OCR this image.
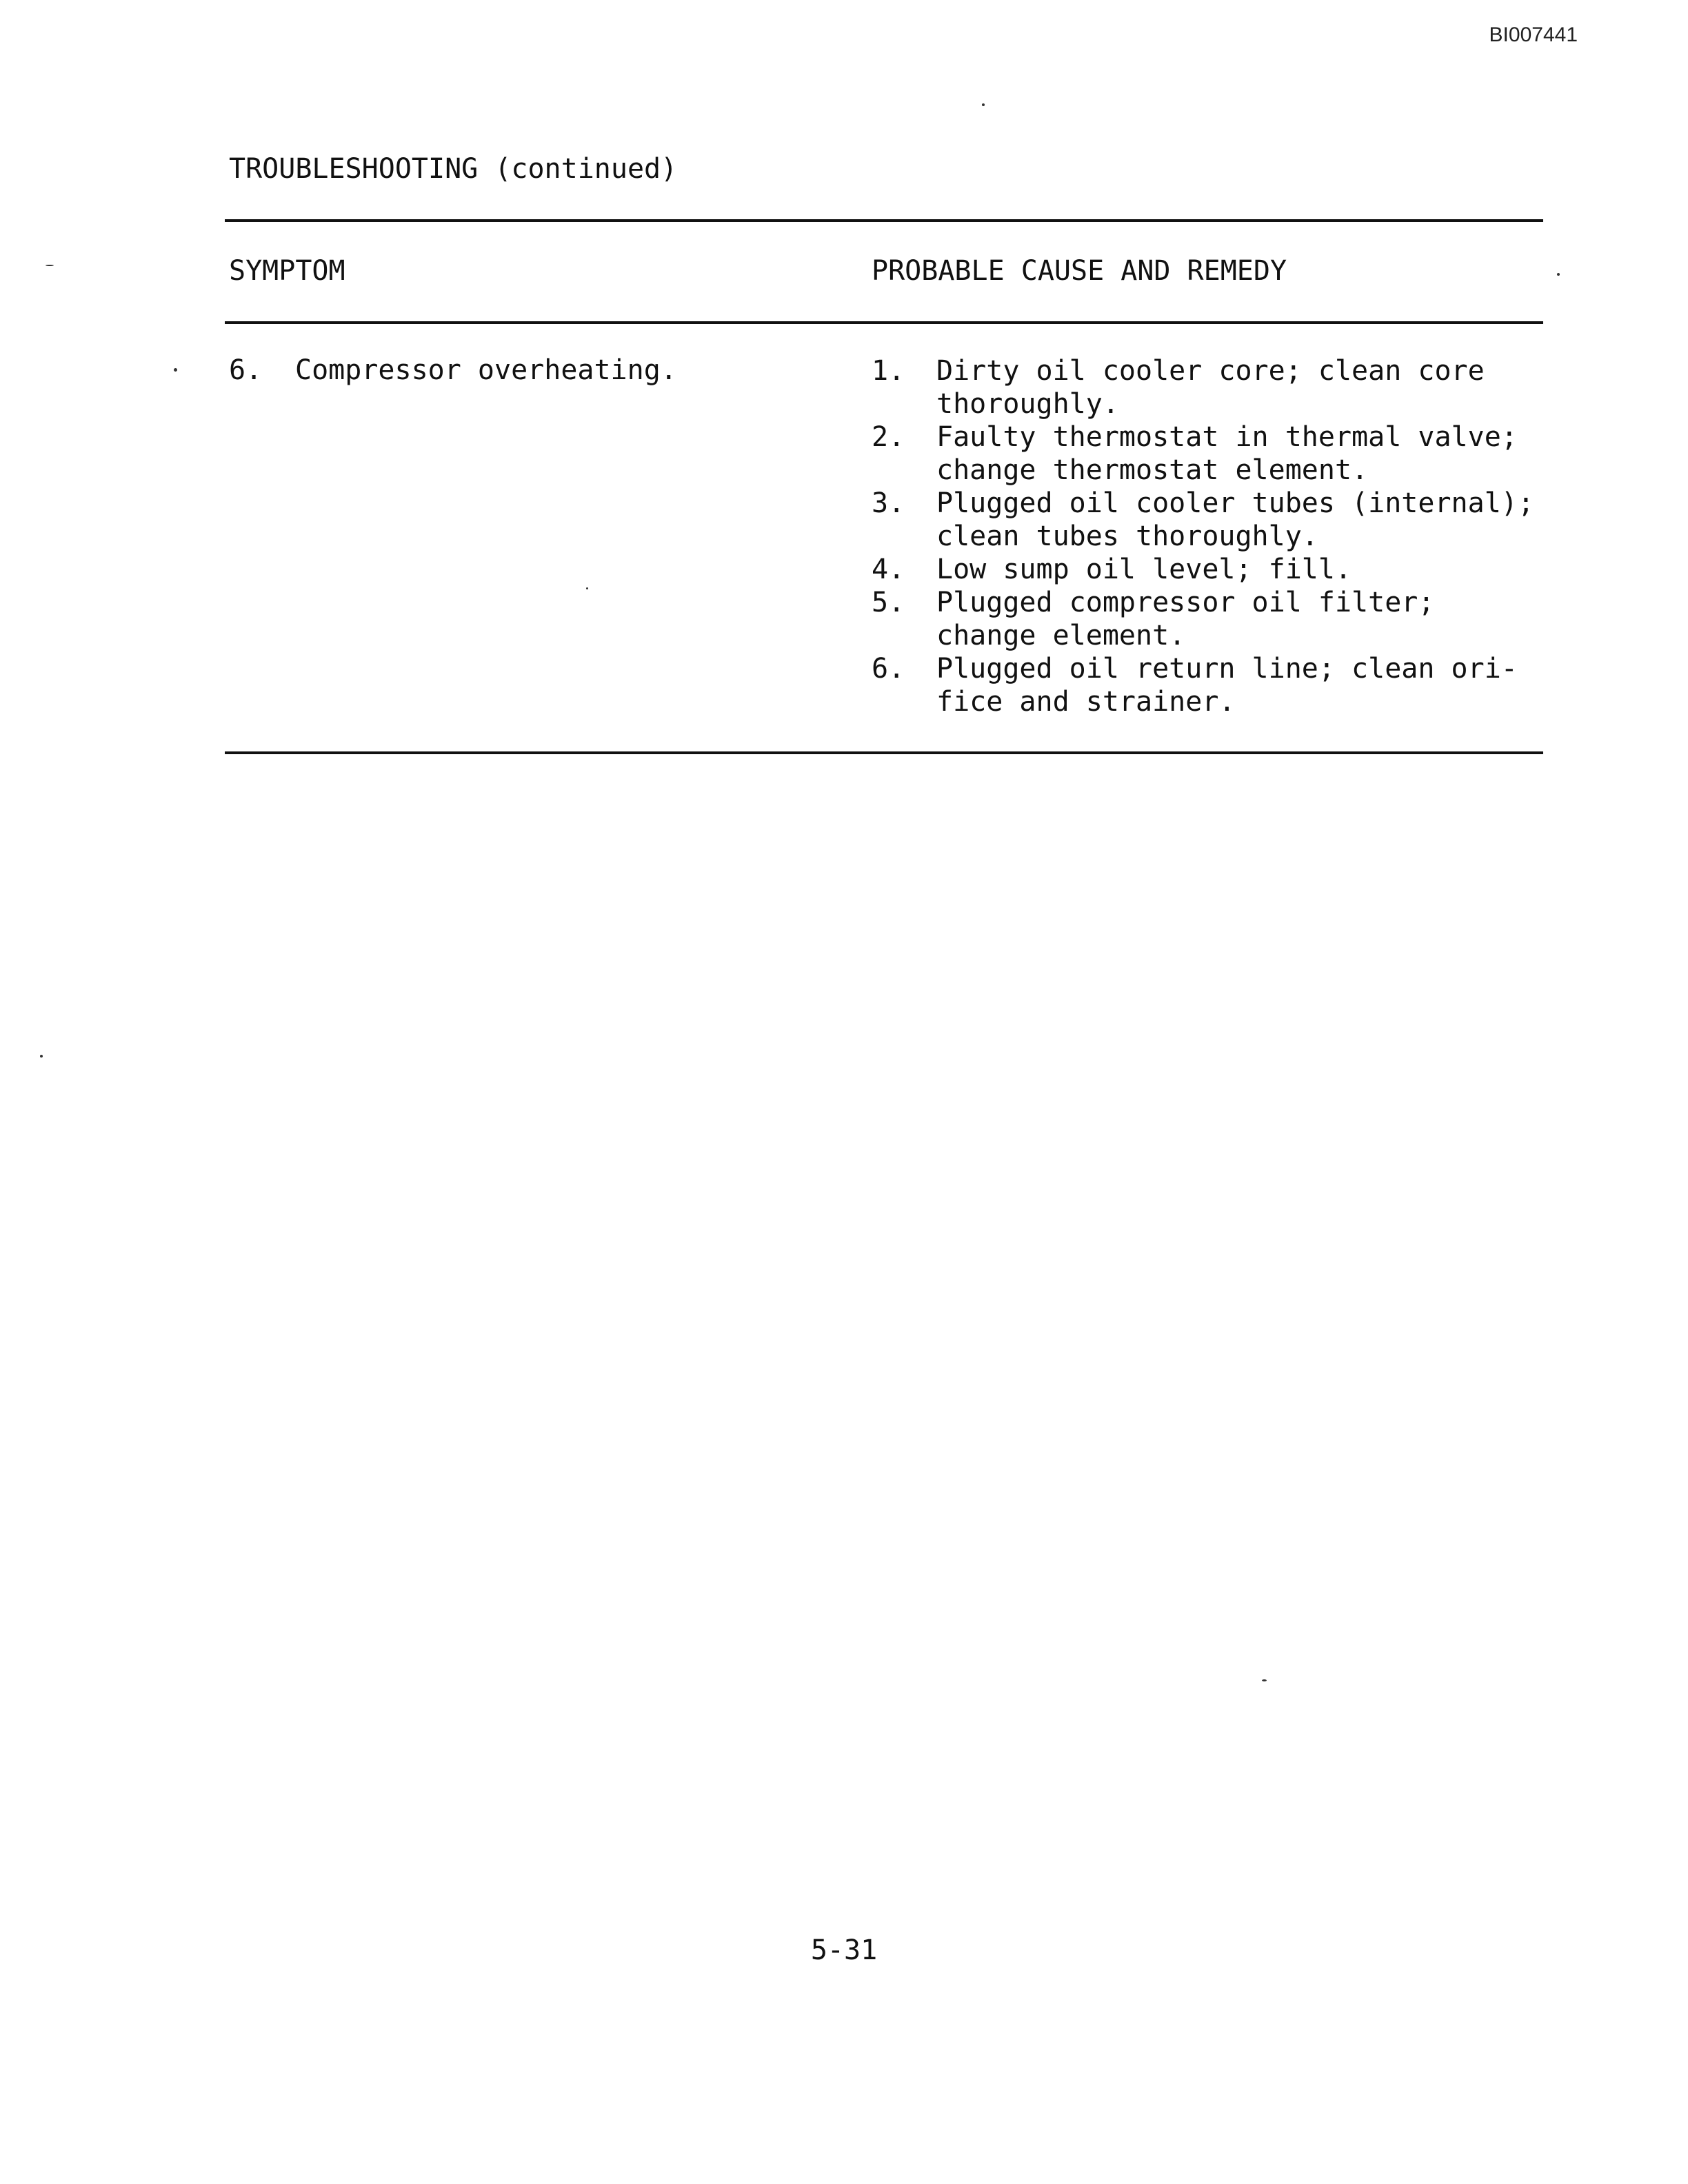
BI007441
TROUBLESHOOTING (continued)
SYMPTOM	PROBABLE CAUSE AND REMEDY
6.	Compressor overheating.	1.	Dirty oil cooler core; clean core thoroughly.
2.	Faulty thermostat in thermal valve; change thermostat element.
3.	Plugged oil cooler tubes (internal); clean tubes thoroughly.
4.	Low sump oil level; fill.
5.	Plugged compressor oil filter; change element.
6.	Plugged oil return line; clean ori-fice and strainer.
5-31
